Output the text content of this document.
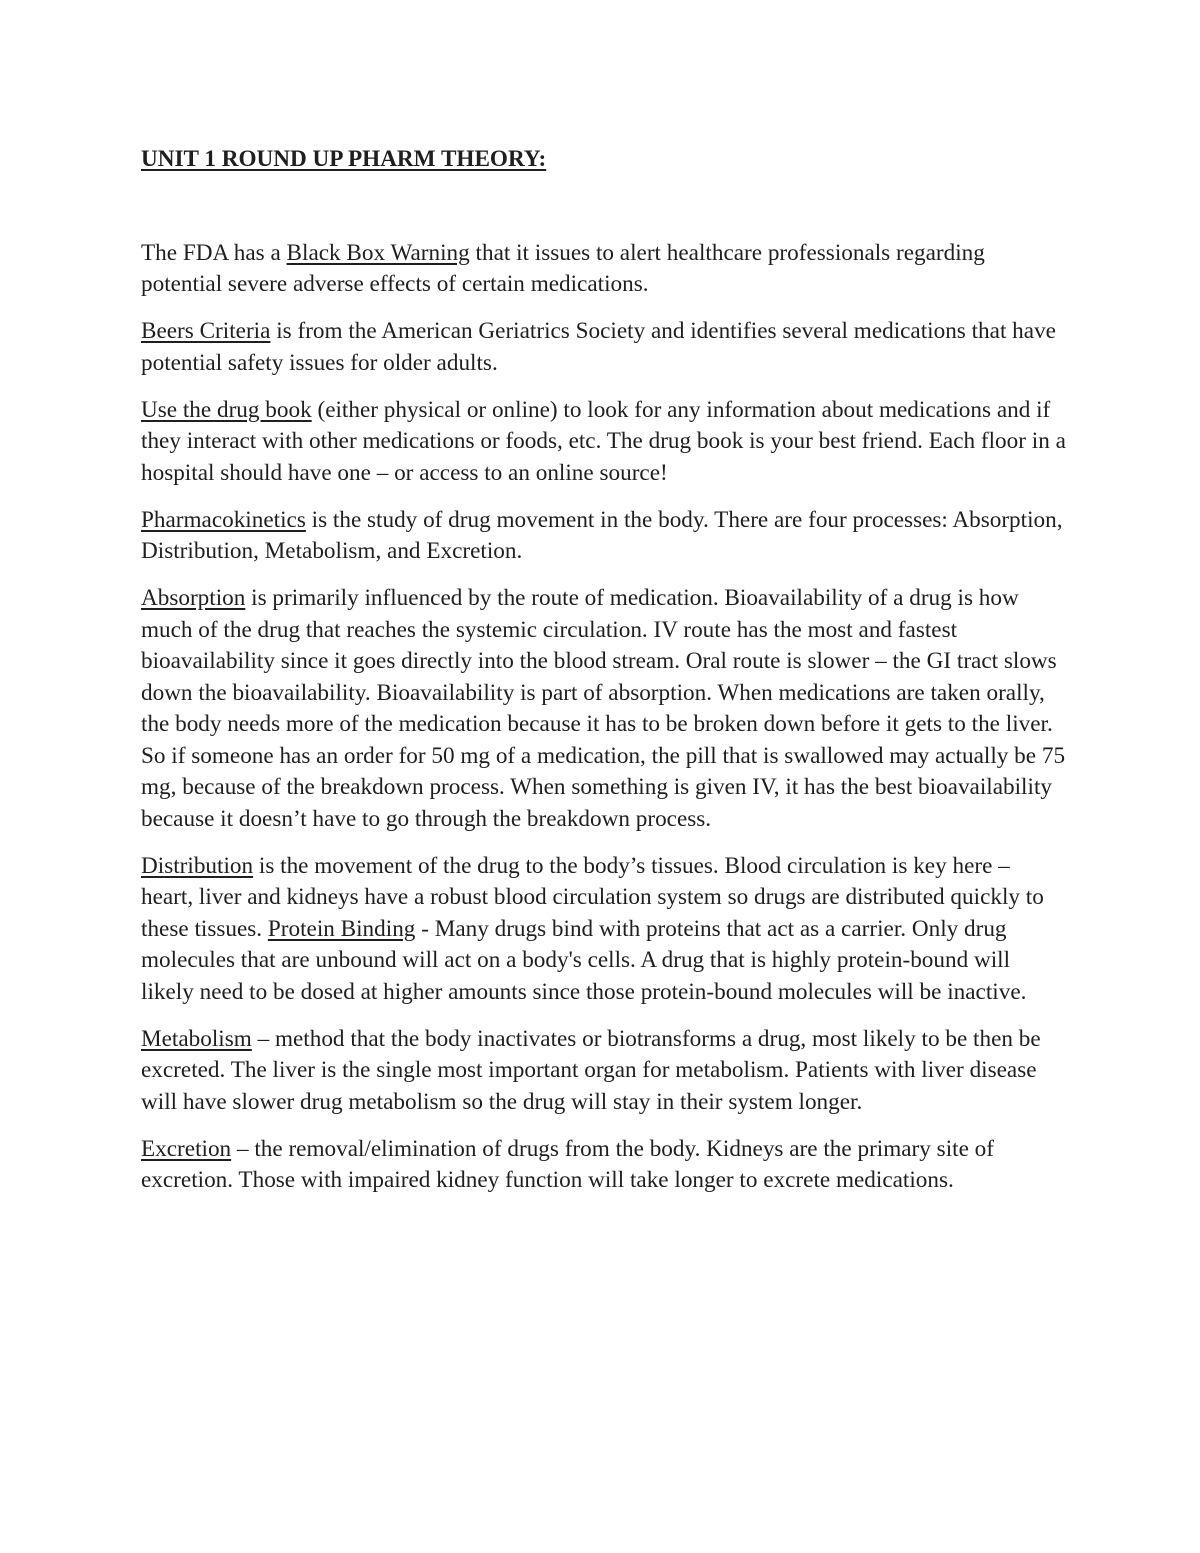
UNIT 1 ROUND UP PHARM THEORY:

The FDA has a Black Box Warning that it issues to alert healthcare professionals regarding potential severe adverse effects of certain medications.

Beers Criteria is from the American Geriatrics Society and identifies several medications that have potential safety issues for older adults.

Use the drug book (either physical or online) to look for any information about medications and if they interact with other medications or foods, etc. The drug book is your best friend. Each floor in a hospital should have one – or access to an online source!

Pharmacokinetics is the study of drug movement in the body. There are four processes: Absorption, Distribution, Metabolism, and Excretion.

Absorption is primarily influenced by the route of medication. Bioavailability of a drug is how much of the drug that reaches the systemic circulation. IV route has the most and fastest bioavailability since it goes directly into the blood stream. Oral route is slower – the GI tract slows down the bioavailability. Bioavailability is part of absorption. When medications are taken orally, the body needs more of the medication because it has to be broken down before it gets to the liver. So if someone has an order for 50 mg of a medication, the pill that is swallowed may actually be 75 mg, because of the breakdown process. When something is given IV, it has the best bioavailability because it doesn’t have to go through the breakdown process.

Distribution is the movement of the drug to the body’s tissues. Blood circulation is key here – heart, liver and kidneys have a robust blood circulation system so drugs are distributed quickly to these tissues. Protein Binding - Many drugs bind with proteins that act as a carrier. Only drug molecules that are unbound will act on a body's cells. A drug that is highly protein-bound will likely need to be dosed at higher amounts since those protein-bound molecules will be inactive.

Metabolism – method that the body inactivates or biotransforms a drug, most likely to be then be excreted. The liver is the single most important organ for metabolism. Patients with liver disease will have slower drug metabolism so the drug will stay in their system longer.

Excretion – the removal/elimination of drugs from the body. Kidneys are the primary site of excretion. Those with impaired kidney function will take longer to excrete medications.
